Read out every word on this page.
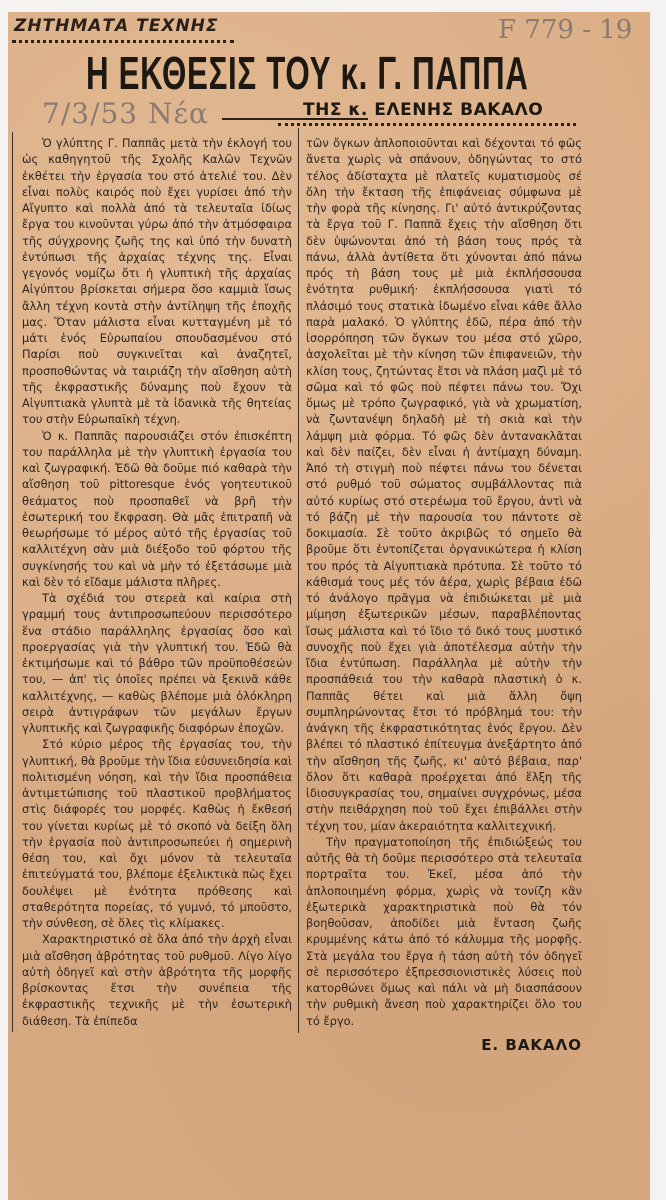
ΖΗΤΗΜΑΤΑ ΤΕΧΝΗΣ
Η ΕΚΘΕΣΙΣ ΤΟΥ κ. Γ. ΠΑΠΠΑ
F 779 - 19
7/3/53 Νέα	ΤΗΣ κ. ΕΛΕΝΗΣ ΒΑΚΑΛΟ

Ὁ γλύπτης Γ. Παππᾶς μετὰ τὴν ἐκλογή του ὡς καθηγητοῦ τῆς Σχολῆς Καλῶν Τεχνῶν ἐκθέτει τὴν ἐργασία του στό ἀτελιέ του. Δὲν εἶναι πολὺς καιρός ποὺ ἔχει γυρίσει ἀπό τὴν Αἴγυπτο καὶ πολλὰ ἀπό τὰ τελευταῖα ἰδίως ἔργα του κινοῦνται γύρω ἀπό τὴν ἀτμόσφαιρα τῆς σύγχρονης ζωῆς της καὶ ὑπό τὴν δυνατὴ ἐντύπωσι τῆς ἀρχαίας τέχνης της. Εἶναι γεγονός νομίζω ὅτι ἡ γλυπτικὴ τῆς ἀρχαίας Αἰγύπτου βρίσκεται σήμερα ὅσο καμμιὰ ἴσως ἄλλη τέχνη κοντὰ στὴν ἀντίληψη τῆς ἐποχῆς μας. Ὅταν μάλιστα εἶναι κυτταγμένη μὲ τό μάτι ἑνός Εὐρωπαίου σπουδασμένου στό Παρίσι ποὺ συγκινεῖται καὶ ἀναζητεῖ, προσποθώντας νὰ ταιριάζη τὴν αἴσθηση αὐτὴ τῆς ἐκφραστικῆς δύναμης ποὺ ἔχουν τὰ Αἰγυπτιακὰ γλυπτὰ μὲ τὰ ἰδανικὰ τῆς θητείας του στὴν Εὐρωπαϊκὴ τέχνη.

Ὁ κ. Παππᾶς παρουσιάζει στόν ἐπισκέπτη του παράλληλα μὲ τὴν γλυπτικὴ ἐργασία του καὶ ζωγραφική. Ἐδῶ θὰ δοῦμε πιό καθαρὰ τὴν αἴσθηση τοῦ pittoresque ἑνός γοητευτικοῦ θεάματος ποὺ προσπαθεῖ νὰ βρῆ τὴν ἐσωτερική του ἔκφραση. Θὰ μᾶς ἐπιτραπῆ νὰ θεωρήσωμε τό μέρος αὐτό τῆς ἐργασίας τοῦ καλλιτέχνη σὰν μιὰ διέξοδο τοῦ φόρτου τῆς συγκίνησής του καὶ νὰ μὴν τό ἐξετάσωμε μιὰ καὶ δὲν τό εἴδαμε μάλιστα πλῆρες.

Τὰ σχέδιά του στερεὰ καὶ καίρια στὴ γραμμή τους ἀντιπροσωπεύουν περισσότερο ἕνα στάδιο παράλληλης ἐργασίας ὅσο καὶ προεργασίας γιὰ τὴν γλυπτική του. Ἐδῶ θὰ ἐκτιμήσωμε καὶ τό βάθρο τῶν προϋποθέσεών του, — ἀπ' τὶς ὁποῖες πρέπει νὰ ξεκινᾶ κάθε καλλιτέχνης, — καθὼς βλέπομε μιὰ ὁλόκληρη σειρὰ ἀντιγράφων τῶν μεγάλων ἔργων γλυπτικῆς καὶ ζωγραφικῆς διαφόρων ἐποχῶν.

Στό κύριο μέρος τῆς ἐργασίας του, τὴν γλυπτική, θὰ βροῦμε τὴν ἴδια εὐσυνειδησία καὶ πολιτισμένη νόηση, καὶ τὴν ἴδια προσπάθεια ἀντιμετώπισης τοῦ πλαστικοῦ προβλήματος στὶς διάφορές του μορφές. Καθὼς ἡ ἔκθεσή του γίνεται κυρίως μὲ τό σκοπό νὰ δείξη ὅλη τὴν ἐργασία ποὺ ἀντιπροσωπεύει ἡ σημερινὴ θέση του, καὶ ὄχι μόνον τὰ τελευταῖα ἐπιτεύγματά του, βλέπομε ἐξελικτικὰ πὼς ἔχει δουλέψει μὲ ἑνότητα πρόθεσης καὶ σταθερότητα πορείας, τό γυμνό, τό μποῦστο, τὴν σύνθεση, σὲ ὅλες τὶς κλίμακες.

Χαρακτηριστικό σὲ ὅλα ἀπό τὴν ἀρχὴ εἶναι μιὰ αἴσθηση ἁβρότητας τοῦ ρυθμοῦ. Λίγο λίγο αὐτὴ ὁδηγεῖ καὶ στὴν ἁβρότητα τῆς μορφῆς βρίσκοντας ἔτσι τὴν συνέπεια τῆς ἐκφραστικῆς τεχνικῆς μὲ τὴν ἐσωτερικὴ διάθεση. Τὰ ἐπίπεδα

τῶν ὄγκων ἁπλοποιοῦνται καὶ δέχονται τό φῶς ἄνετα χωρὶς νὰ σπάνουν, ὁδηγώντας το στό τέλος ἀδίσταχτα μὲ πλατεῖς κυματισμοὺς σέ ὅλη τὴν ἔκταση τῆς ἐπιφάνειας σύμφωνα μὲ τὴν φορὰ τῆς κίνησης. Γι' αὐτό ἀντικρύζοντας τὰ ἔργα τοῦ Γ. Παππᾶ ἔχεις τὴν αἴσθηση ὅτι δὲν ὑψώνονται ἀπό τὴ βάση τους πρός τὰ πάνω, ἀλλὰ ἀντίθετα ὅτι χύνονται ἀπό πάνω πρός τὴ βάση τους μὲ μιὰ ἐκπλήσσουσα ἑνότητα ρυθμική· ἐκπλήσσουσα γιατὶ τό πλάσιμό τους στατικὰ ἰδωμένο εἶναι κάθε ἄλλο παρὰ μαλακό. Ὁ γλύπτης ἐδῶ, πέρα ἀπό τὴν ἰσορρόπηση τῶν ὄγκων του μέσα στό χῶρο, ἀσχολεῖται μὲ τὴν κίνηση τῶν ἐπιφανειῶν, τὴν κλίση τους, ζητώντας ἔτσι νὰ πλάση μαζὶ μὲ τό σῶμα καὶ τό φῶς ποὺ πέφτει πάνω του. Ὄχι ὅμως μὲ τρόπο ζωγραφικό, γιὰ νὰ χρωματίση, νὰ ζωντανέψη δηλαδὴ μὲ τὴ σκιὰ καὶ τὴν λάμψη μιὰ φόρμα. Τό φῶς δὲν ἀντανακλᾶται καὶ δὲν παίζει, δὲν εἶναι ἡ ἀντίμαχη δύναμη. Ἀπό τὴ στιγμὴ ποὺ πέφτει πάνω του δένεται στό ρυθμό τοῦ σώματος συμβάλλοντας πιὰ αὐτό κυρίως στό στερέωμα τοῦ ἔργου, ἀντὶ νὰ τό βάζη μὲ τὴν παρουσία του πάντοτε σὲ δοκιμασία. Σὲ τοῦτο ἀκριβῶς τό σημεῖο θὰ βροῦμε ὅτι ἐντοπίζεται ὀργανικώτερα ἡ κλίση του πρός τὰ Αἰγυπτιακὰ πρότυπα. Σὲ τοῦτο τό κάθισμά τους μές τόν ἀέρα, χωρὶς βέβαια ἐδῶ τό ἀνάλογο πρᾶγμα νὰ ἐπιδιώκεται μὲ μιὰ μίμηση ἐξωτερικῶν μέσων, παραβλέποντας ἴσως μάλιστα καὶ τό ἴδιο τό δικό τους μυστικό συνοχῆς ποὺ ἔχει γιὰ ἀποτέλεσμα αὐτὴν τὴν ἴδια ἐντύπωση. Παράλληλα μὲ αὐτὴν τὴν προσπάθειά του τὴν καθαρὰ πλαστικὴ ὁ κ. Παππᾶς θέτει καὶ μιὰ ἄλλη ὄψη συμπληρώνοντας ἔτσι τό πρόβλημά του: τὴν ἀνάγκη τῆς ἐκφραστικότητας ἑνός ἔργου. Δὲν βλέπει τό πλαστικό ἐπίτευγμα ἀνεξάρτητο ἀπό τὴν αἴσθηση τῆς ζωῆς, κι' αὐτό βέβαια, παρ' ὅλον ὅτι καθαρὰ προέρχεται ἀπό ἕλξη τῆς ἰδιοσυγκρασίας του, σημαίνει συγχρόνως, μέσα στὴν πειθάρχηση ποὺ τοῦ ἔχει ἐπιβάλλει στὴν τέχνη του, μίαν ἀκεραιότητα καλλιτεχνική.

Τὴν πραγματοποίηση τῆς ἐπιδιώξεώς του αὐτῆς θὰ τὴ δοῦμε περισσότερο στὰ τελευταῖα πορτραῖτα του. Ἐκεῖ, μέσα ἀπό τὴν ἁπλοποιημένη φόρμα, χωρὶς νὰ τονίζη κἂν ἐξωτερικὰ χαρακτηριστικὰ ποὺ θὰ τόν βοηθοῦσαν, ἀποδίδει μιὰ ἔνταση ζωῆς κρυμμένης κάτω ἀπό τό κάλυμμα τῆς μορφῆς. Στὰ μεγάλα του ἔργα ἡ τάση αὐτὴ τόν ὁδηγεῖ σὲ περισσότερο ἐξπρεσσιονιστικὲς λύσεις ποὺ κατορθώνει ὅμως καὶ πάλι νὰ μὴ διασπάσουν τὴν ρυθμικὴ ἄνεση ποὺ χαρακτηρίζει ὅλο του τό ἔργο.

Ε. ΒΑΚΑΛΟ
